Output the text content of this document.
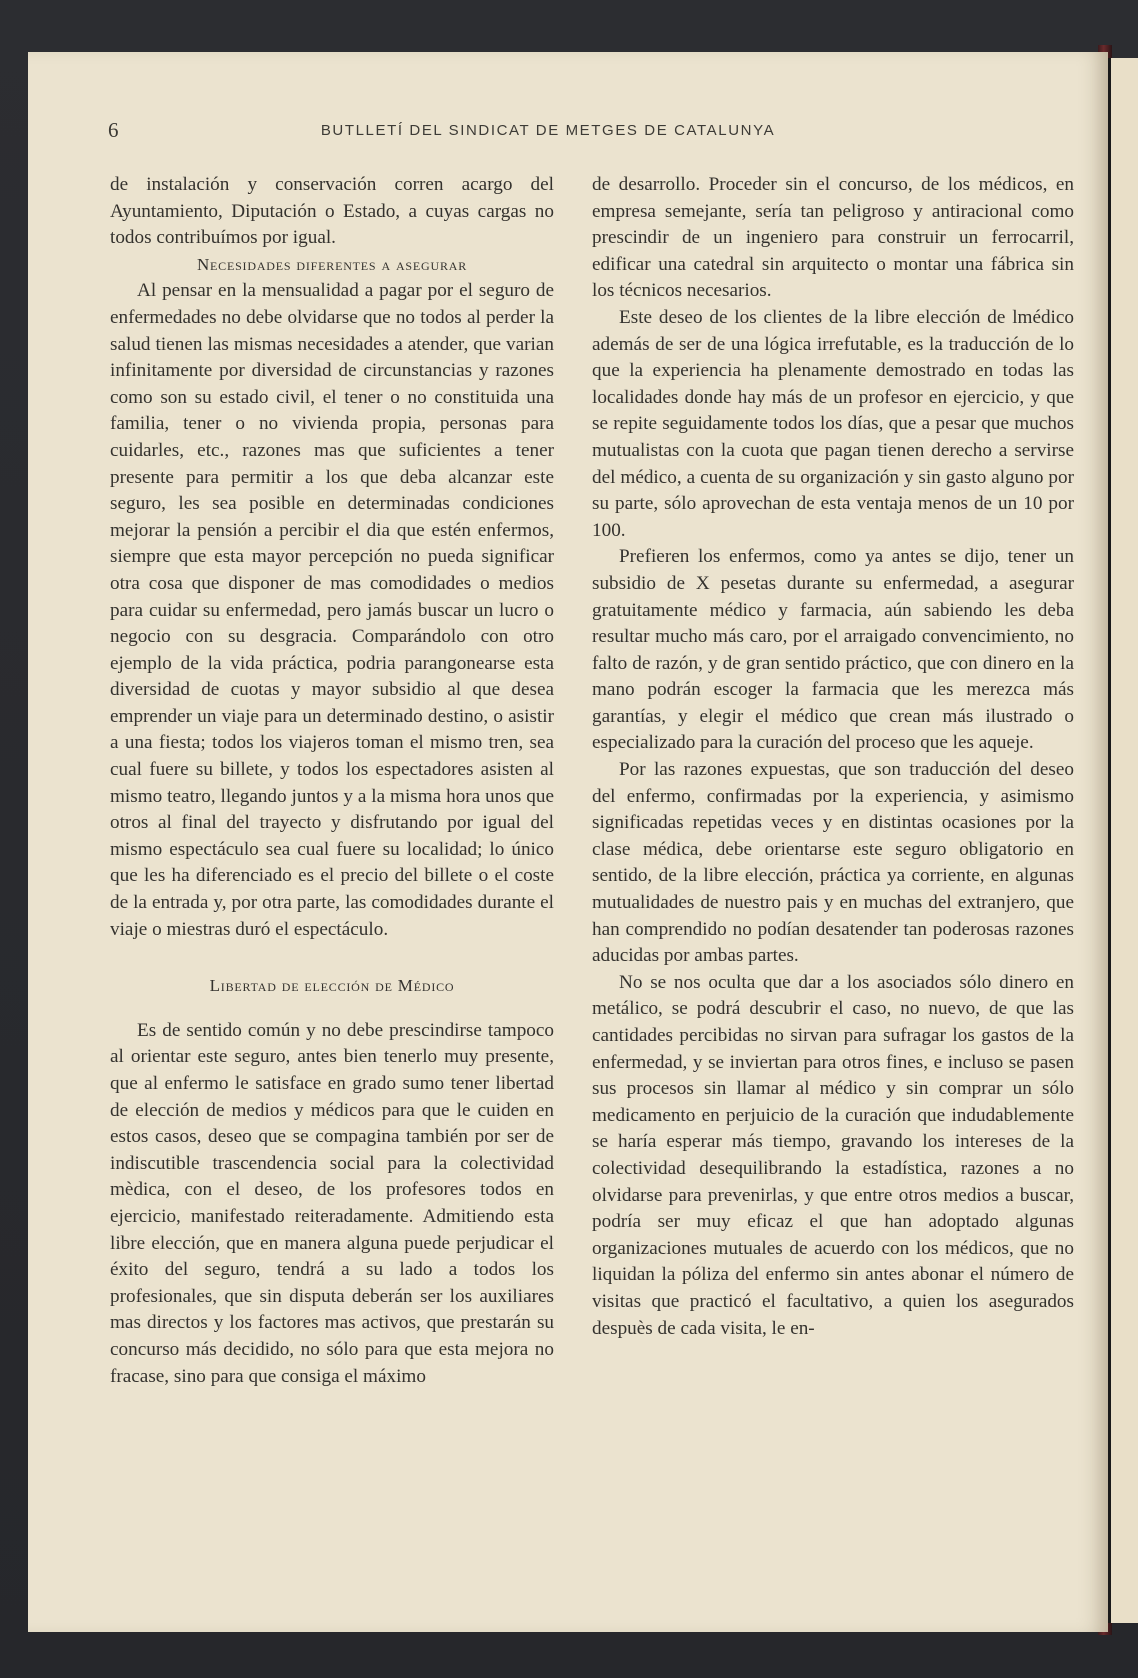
6	BUTLLETÍ DEL SINDICAT DE METGES DE CATALUNYA

de instalación y conservación corren acargo del Ayuntamiento, Diputación o Estado, a cuyas cargas no todos contribuímos por igual.

Necesidades diferentes a asegurar

Al pensar en la mensualidad a pagar por el seguro de enfermedades no debe olvidarse que no todos al perder la salud tienen las mismas necesidades a atender, que varian infinitamente por diversidad de circunstancias y razones como son su estado civil, el tener o no constituida una familia, tener o no vivienda propia, personas para cuidarles, etc., razones mas que suficientes a tener presente para permitir a los que deba alcanzar este seguro, les sea posible en determinadas condiciones mejorar la pensión a percibir el dia que estén enfermos, siempre que esta mayor percepción no pueda significar otra cosa que disponer de mas comodidades o medios para cuidar su enfermedad, pero jamás buscar un lucro o negocio con su desgracia. Comparándolo con otro ejemplo de la vida práctica, podria parangonearse esta diversidad de cuotas y mayor subsidio al que desea emprender un viaje para un determinado destino, o asistir a una fiesta; todos los viajeros toman el mismo tren, sea cual fuere su billete, y todos los espectadores asisten al mismo teatro, llegando juntos y a la misma hora unos que otros al final del trayecto y disfrutando por igual del mismo espectáculo sea cual fuere su localidad; lo único que les ha diferenciado es el precio del billete o el coste de la entrada y, por otra parte, las comodidades durante el viaje o miestras duró el espectáculo.

Libertad de elección de Médico

Es de sentido común y no debe prescindirse tampoco al orientar este seguro, antes bien tenerlo muy presente, que al enfermo le satisface en grado sumo tener libertad de elección de medios y médicos para que le cuiden en estos casos, deseo que se compagina también por ser de indiscutible trascendencia social para la colectividad mèdica, con el deseo, de los profesores todos en ejercicio, manifestado reiteradamente. Admitiendo esta libre elección, que en manera alguna puede perjudicar el éxito del seguro, tendrá a su lado a todos los profesionales, que sin disputa deberán ser los auxiliares mas directos y los factores mas activos, que prestarán su concurso más decidido, no sólo para que esta mejora no fracase, sino para que consiga el máximo

de desarrollo. Proceder sin el concurso, de los médicos, en empresa semejante, sería tan peligroso y antiracional como prescindir de un ingeniero para construir un ferrocarril, edificar una catedral sin arquitecto o montar una fábrica sin los técnicos necesarios.

Este deseo de los clientes de la libre elección de lmédico además de ser de una lógica irrefutable, es la traducción de lo que la experiencia ha plenamente demostrado en todas las localidades donde hay más de un profesor en ejercicio, y que se repite seguidamente todos los días, que a pesar que muchos mutualistas con la cuota que pagan tienen derecho a servirse del médico, a cuenta de su organización y sin gasto alguno por su parte, sólo aprovechan de esta ventaja menos de un 10 por 100.

Prefieren los enfermos, como ya antes se dijo, tener un subsidio de X pesetas durante su enfermedad, a asegurar gratuitamente médico y farmacia, aún sabiendo les deba resultar mucho más caro, por el arraigado convencimiento, no falto de razón, y de gran sentido práctico, que con dinero en la mano podrán escoger la farmacia que les merezca más garantías, y elegir el médico que crean más ilustrado o especializado para la curación del proceso que les aqueje.

Por las razones expuestas, que son traducción del deseo del enfermo, confirmadas por la experiencia, y asimismo significadas repetidas veces y en distintas ocasiones por la clase médica, debe orientarse este seguro obligatorio en sentido, de la libre elección, práctica ya corriente, en algunas mutualidades de nuestro pais y en muchas del extranjero, que han comprendido no podían desatender tan poderosas razones aducidas por ambas partes.

No se nos oculta que dar a los asociados sólo dinero en metálico, se podrá descubrir el caso, no nuevo, de que las cantidades percibidas no sirvan para sufragar los gastos de la enfermedad, y se inviertan para otros fines, e incluso se pasen sus procesos sin llamar al médico y sin comprar un sólo medicamento en perjuicio de la curación que indudablemente se haría esperar más tiempo, gravando los intereses de la colectividad desequilibrando la estadística, razones a no olvidarse para prevenirlas, y que entre otros medios a buscar, podría ser muy eficaz el que han adoptado algunas organizaciones mutuales de acuerdo con los médicos, que no liquidan la póliza del enfermo sin antes abonar el número de visitas que practicó el facultativo, a quien los asegurados despuès de cada visita, le en-
